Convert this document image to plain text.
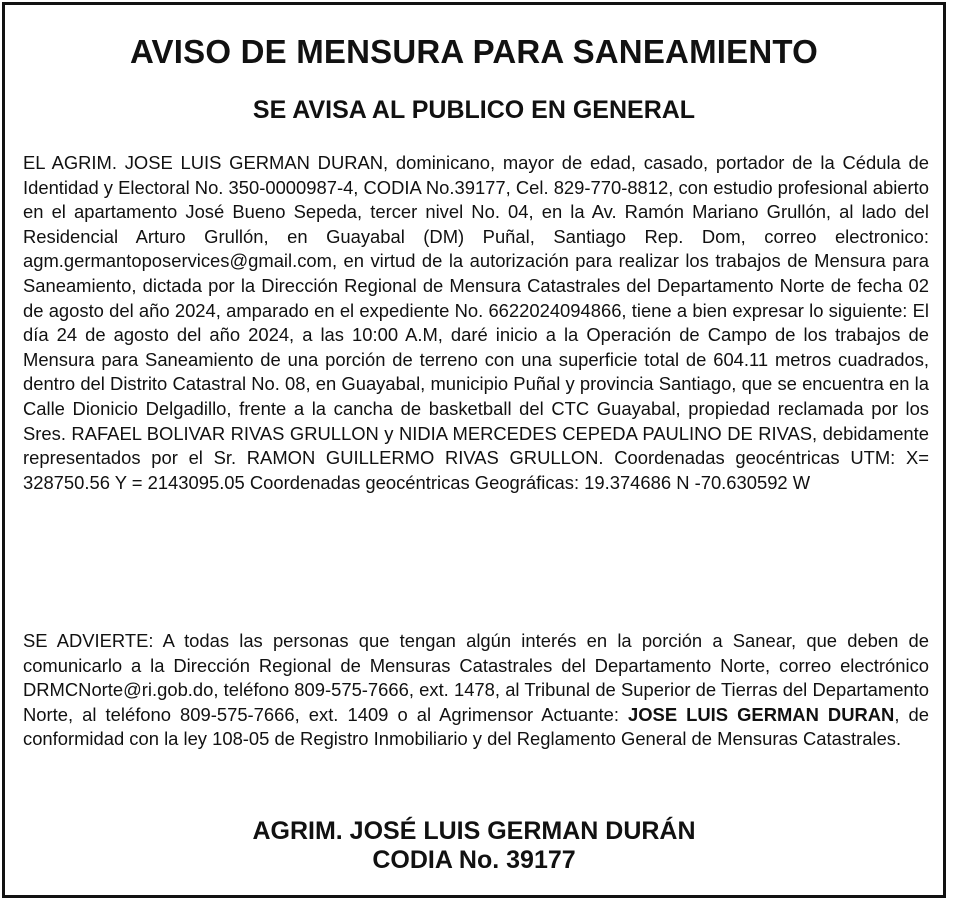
AVISO DE MENSURA PARA SANEAMIENTO
SE AVISA AL PUBLICO EN GENERAL

EL AGRIM. JOSE LUIS GERMAN DURAN, dominicano, mayor de edad, casado, portador de la Cédula de Identidad y Electoral No. 350-0000987-4, CODIA No.39177, Cel. 829-770-8812, con estudio profesional abierto en el apartamento José Bueno Sepeda, tercer nivel No. 04, en la Av. Ramón Mariano Grullón, al lado del Residencial Arturo Grullón, en Guayabal (DM) Puñal, Santiago Rep. Dom, correo electronico: agm.germantoposervices@gmail.com, en virtud de la autorización para realizar los trabajos de Mensura para Saneamiento, dictada por la Dirección Regional de Mensura Catastrales del Departamento Norte de fecha 02 de agosto del año 2024, amparado en el expediente No. 6622024094866, tiene a bien expresar lo siguiente: El día 24 de agosto del año 2024, a las 10:00 A.M, daré inicio a la Operación de Campo de los trabajos de Mensura para Saneamiento de una porción de terreno con una superficie total de 604.11 metros cuadrados, dentro del Distrito Catastral No. 08, en Guayabal, municipio Puñal y provincia Santiago, que se encuentra en la Calle Dionicio Delgadillo, frente a la cancha de basketball del CTC Guayabal, propiedad reclamada por los Sres. RAFAEL BOLIVAR RIVAS GRULLON y NIDIA MERCEDES CEPEDA PAULINO DE RIVAS, debidamente representados por el Sr. RAMON GUILLERMO RIVAS GRULLON. Coordenadas geocéntricas UTM: X= 328750.56 Y = 2143095.05 Coordenadas geocéntricas Geográficas: 19.374686 N -70.630592 W

SE ADVIERTE: A todas las personas que tengan algún interés en la porción a Sanear, que deben de comunicarlo a la Dirección Regional de Mensuras Catastrales del Departamento Norte, correo electrónico DRMCNorte@ri.gob.do, teléfono 809-575-7666, ext. 1478, al Tribunal de Superior de Tierras del Departamento Norte, al teléfono 809-575-7666, ext. 1409 o al Agrimensor Actuante: JOSE LUIS GERMAN DURAN, de conformidad con la ley 108-05 de Registro Inmobiliario y del Reglamento General de Mensuras Catastrales.

AGRIM. JOSÉ LUIS GERMAN DURÁN
CODIA No. 39177
